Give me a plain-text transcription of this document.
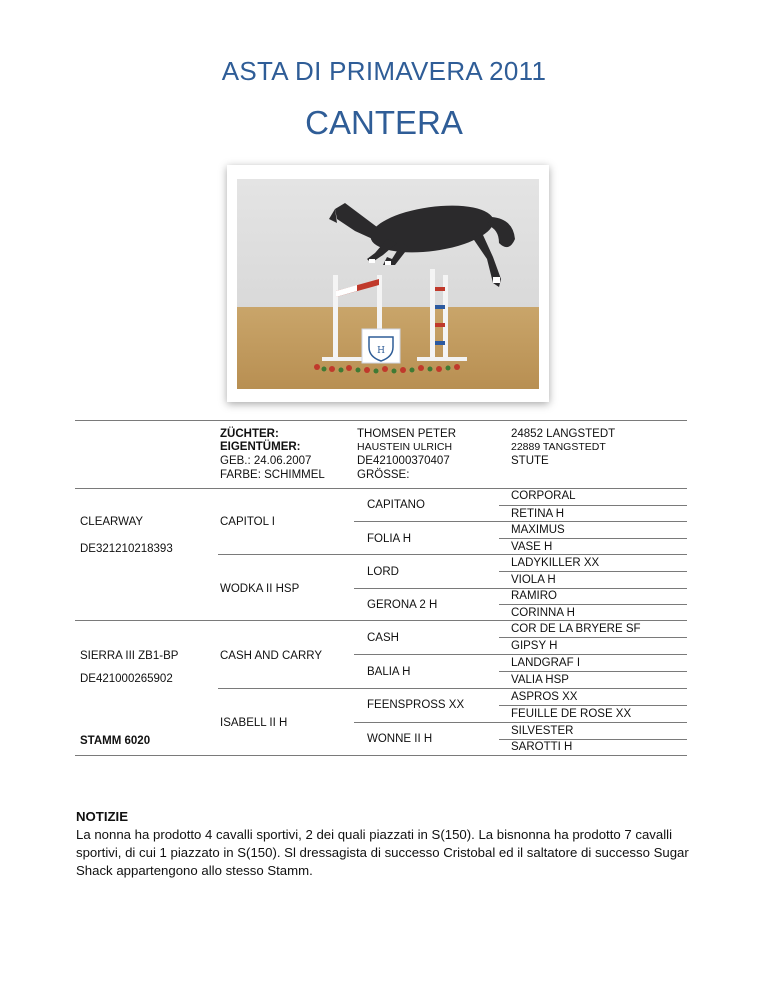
ASTA DI PRIMAVERA 2011
CANTERA
H
ZÜCHTER:
EIGENTÜMER:
GEB.: 24.06.2007
FARBE: SCHIMMEL
THOMSEN PETER
HAUSTEIN ULRICH
DE421000370407
GRÖSSE:
24852 LANGSTEDT
22889 TANGSTEDT
STUTE
CLEARWAY
DE321210218393
SIERRA III ZB1-BP
DE421000265902
STAMM 6020
CAPITOL I
WODKA II HSP
CASH AND CARRY
ISABELL II H
CAPITANO
FOLIA H
LORD
GERONA 2 H
CASH
BALIA H
FEENSPROSS XX
WONNE II H
CORPORAL
RETINA H
MAXIMUS
VASE H
LADYKILLER XX
VIOLA H
RAMIRO
CORINNA H
COR DE LA BRYERE SF
GIPSY H
LANDGRAF I
VALIA HSP
ASPROS XX
FEUILLE DE ROSE XX
SILVESTER
SAROTTI H
NOTIZIE
La nonna ha prodotto 4 cavalli sportivi, 2 dei quali piazzati in S(150). La bisnonna ha prodotto 7 cavalli sportivi, di cui 1 piazzato in S(150). Sl dressagista di successo Cristobal ed il saltatore di successo Sugar Shack appartengono allo stesso Stamm.
